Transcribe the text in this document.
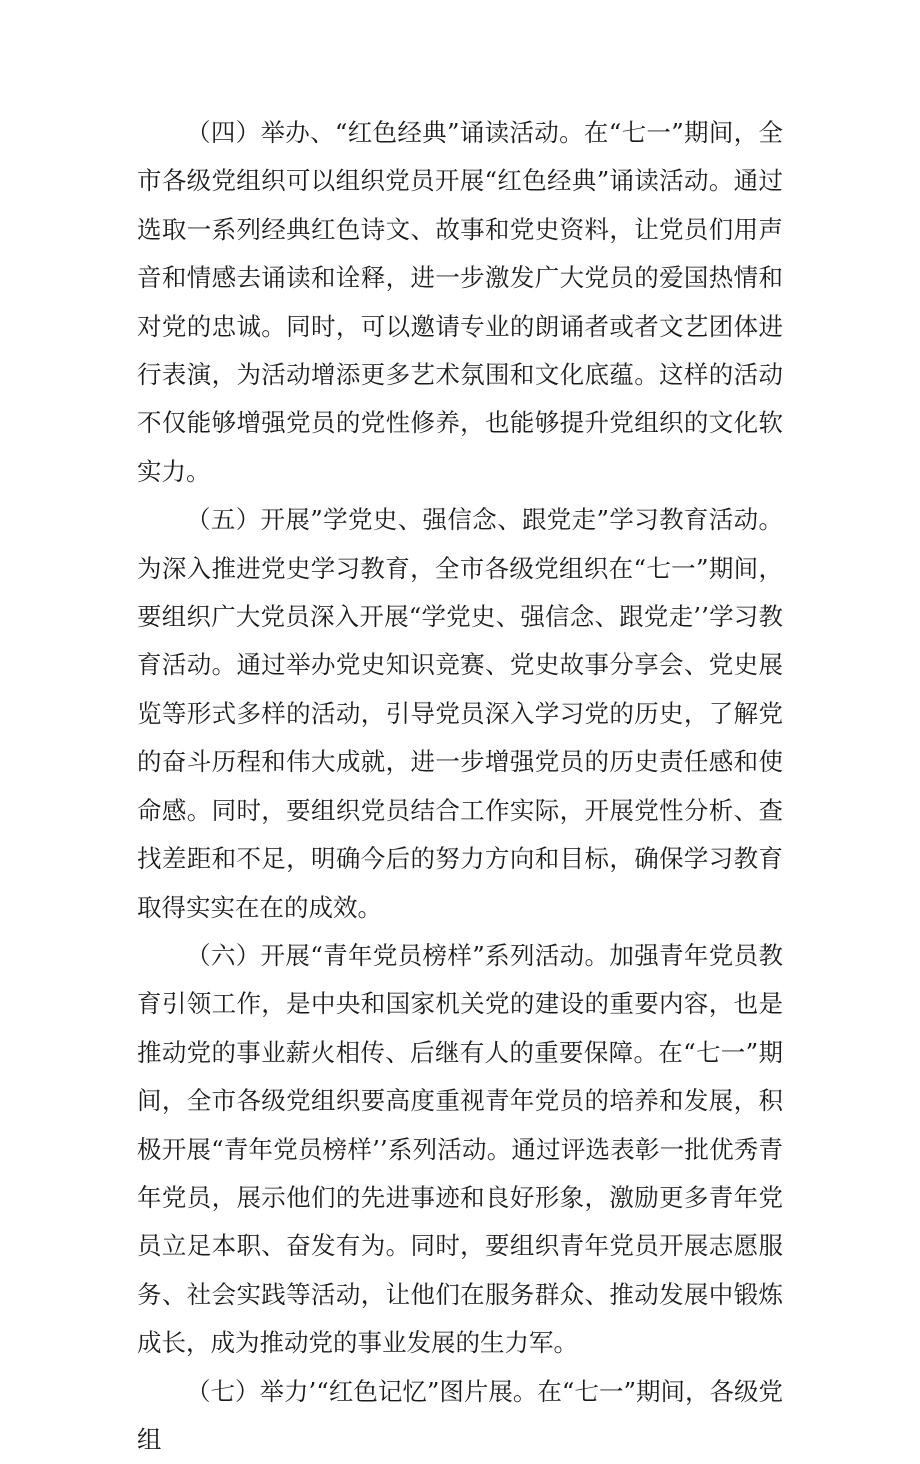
（四）举办、“红色经典”诵读活动。在“七一”期间，全市各级党组织可以组织党员开展“红色经典”诵读活动。通过选取一系列经典红色诗文、故事和党史资料，让党员们用声音和情感去诵读和诠释，进一步激发广大党员的爱国热情和对党的忠诚。同时，可以邀请专业的朗诵者或者文艺团体进行表演，为活动增添更多艺术氛围和文化底蕴。这样的活动不仅能够增强党员的党性修养，也能够提升党组织的文化软实力。

（五）开展”学党史、强信念、跟党走”学习教育活动。为深入推进党史学习教育，全市各级党组织在“七一”期间，要组织广大党员深入开展“学党史、强信念、跟党走’’学习教育活动。通过举办党史知识竞赛、党史故事分享会、党史展览等形式多样的活动，引导党员深入学习党的历史，了解党的奋斗历程和伟大成就，进一步增强党员的历史责任感和使命感。同时，要组织党员结合工作实际，开展党性分析、查找差距和不足，明确今后的努力方向和目标，确保学习教育取得实实在在的成效。

（六）开展“青年党员榜样”系列活动。加强青年党员教育引领工作，是中央和国家机关党的建设的重要内容，也是推动党的事业薪火相传、后继有人的重要保障。在“七一”期间，全市各级党组织要高度重视青年党员的培养和发展，积极开展“青年党员榜样’’系列活动。通过评选表彰一批优秀青年党员，展示他们的先进事迹和良好形象，激励更多青年党员立足本职、奋发有为。同时，要组织青年党员开展志愿服务、社会实践等活动，让他们在服务群众、推动发展中锻炼成长，成为推动党的事业发展的生力军。

（七）举力’“红色记忆”图片展。在“七一”期间，各级党组
